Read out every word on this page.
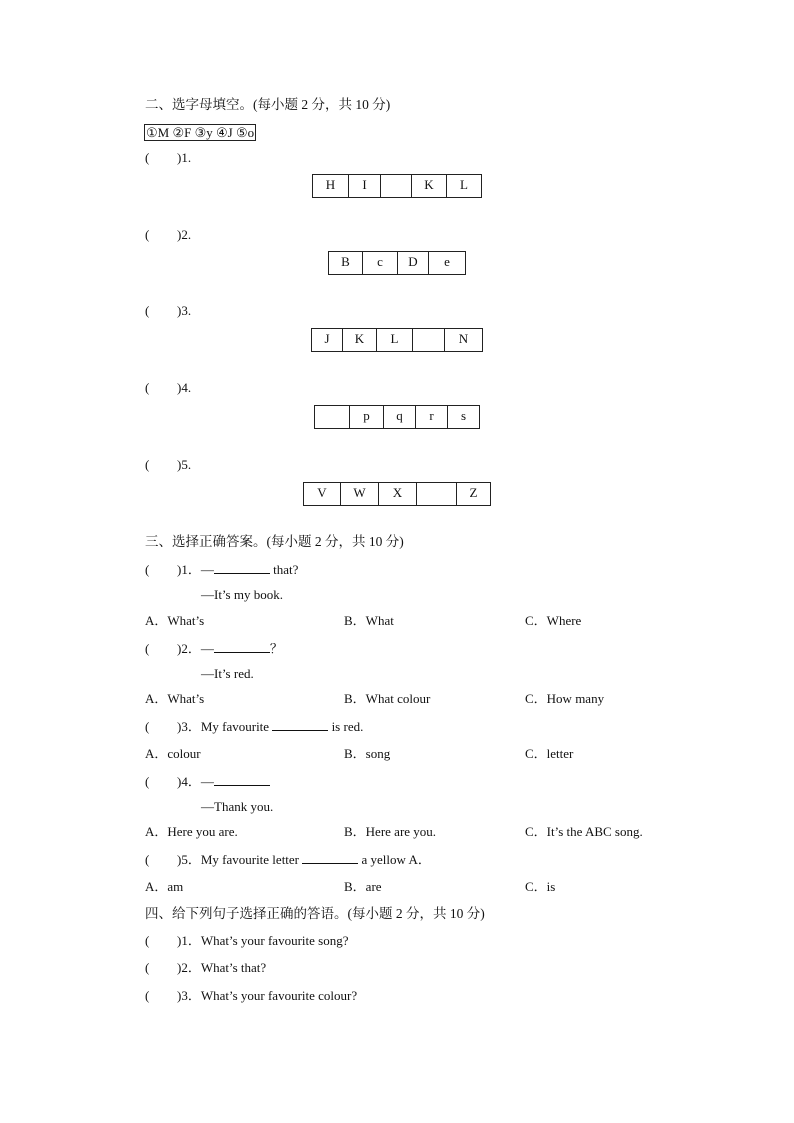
二、选字母填空。(每小题 2 分，共 10 分)
①M ②F ③y ④J ⑤o
( )1.
H	I	K	L
( )2.
B	c	D	e
( )3.
J	K	L	N
( )4.
p	q	r	s
( )5.
V	W	X	Z
三、选择正确答案。(每小题 2 分，共 10 分)
( )1．—	that?
—It’s my book.
A．What’s	B．What	C．Where
( )2．—	？
—It’s red.
A．What’s	B．What colour	C．How many
( )3．My favourite	is red.
A．colour	B．song	C．letter
( )4．—
—Thank you.
A．Here you are.	B．Here are you.	C．It’s the ABC song.
( )5．My favourite letter	a yellow A．
A．am	B．are	C．is
四、给下列句子选择正确的答语。(每小题 2 分，共 10 分)
( )1．What’s your favourite song?
( )2．What’s that?
( )3．What’s your favourite colour?
